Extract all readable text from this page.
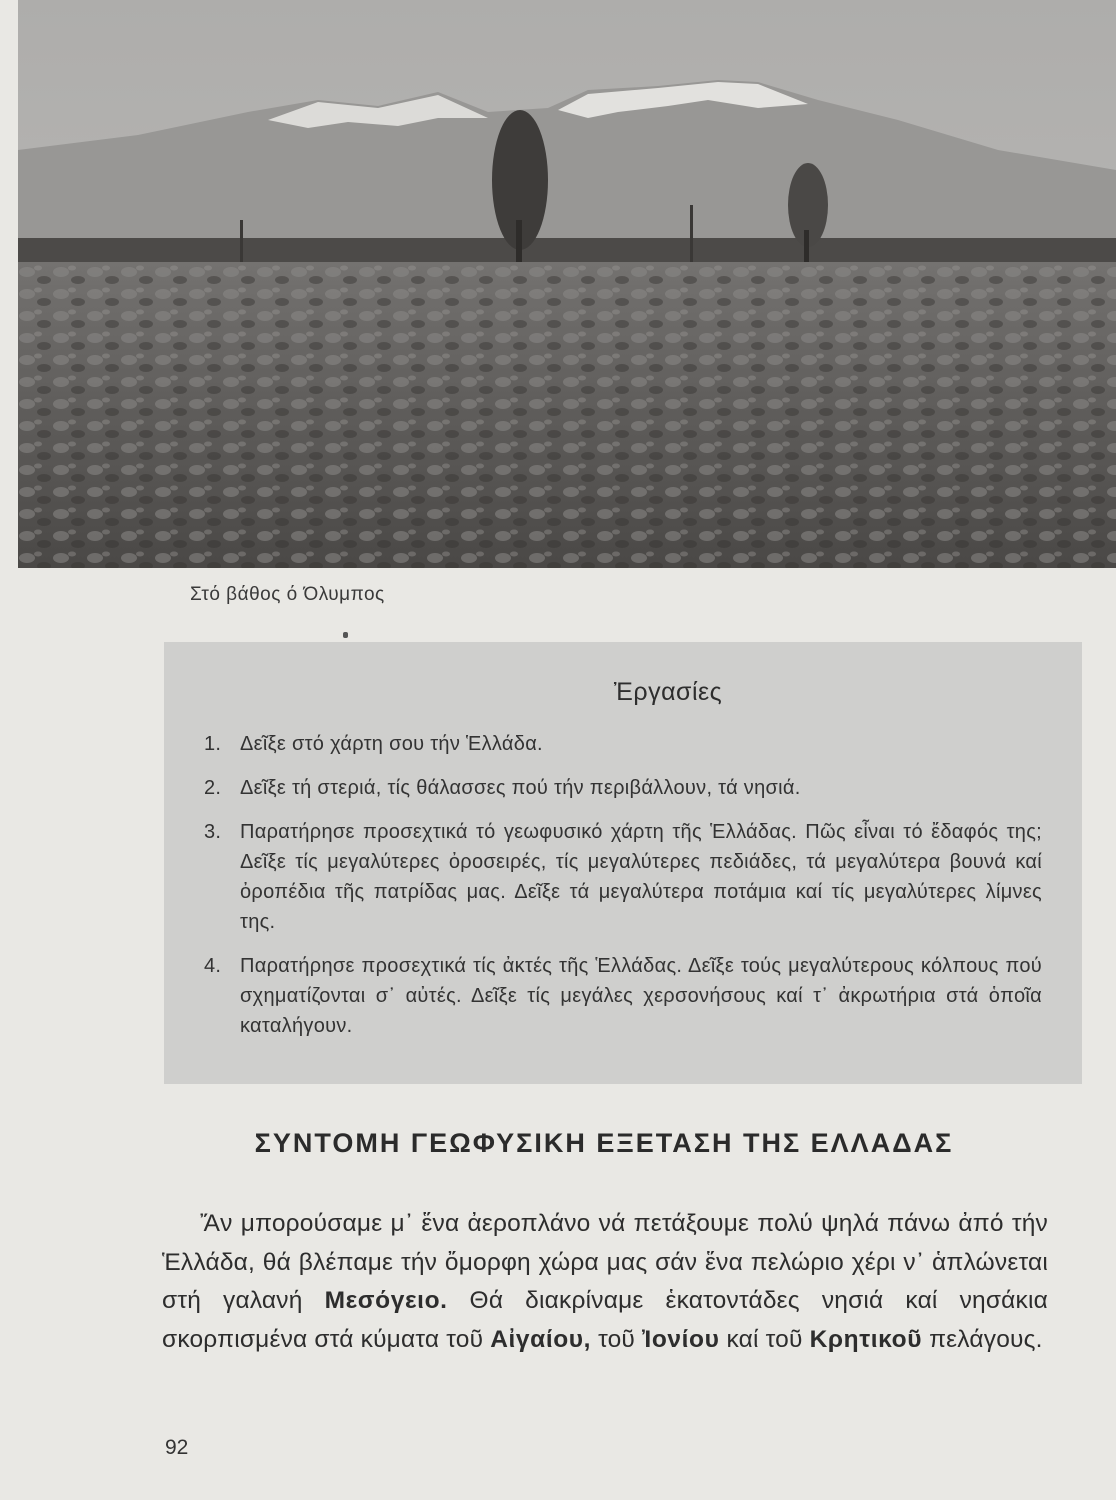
Στό βάθος ό Όλυμπος
Ἐργασίες
1. Δεῖξε στό χάρτη σου τήν Ἑλλάδα.
2. Δεῖξε τή στεριά, τίς θάλασσες πού τήν περιβάλλουν, τά νησιά.
3. Παρατήρησε προσεχτικά τό γεωφυσικό χάρτη τῆς Ἑλλάδας. Πῶς εἶναι τό ἔδαφός της; Δεῖξε τίς μεγαλύτερες ὀροσειρές, τίς μεγαλύτερες πεδιάδες, τά μεγαλύτερα βουνά καί ὀροπέδια τῆς πατρίδας μας. Δεῖξε τά μεγαλύτερα ποτάμια καί τίς μεγαλύτερες λίμνες της.
4. Παρατήρησε προσεχτικά τίς ἀκτές τῆς Ἑλλάδας. Δεῖξε τούς μεγαλύτερους κόλπους πού σχηματίζονται σ᾿ αὐτές. Δεῖξε τίς μεγάλες χερσονήσους καί τ᾿ ἀκρωτήρια στά ὁποῖα καταλήγουν.
ΣΥΝΤΟΜΗ ΓΕΩΦΥΣΙΚΗ ΕΞΕΤΑΣΗ ΤΗΣ ΕΛΛΑΔΑΣ
Ἄν μπορούσαμε μ᾿ ἕνα ἀεροπλάνο νά πετάξουμε πολύ ψηλά πάνω ἀπό τήν Ἑλλάδα, θά βλέπαμε τήν ὄμορφη χώρα μας σάν ἕνα πελώριο χέρι ν᾿ ἁπλώνεται στή γαλανή Μεσόγειο. Θά διακρίναμε ἑκατοντάδες νησιά καί νησάκια σκορπισμένα στά κύματα τοῦ Αἰγαίου, τοῦ Ἰονίου καί τοῦ Κρητικοῦ πελάγους.
92
